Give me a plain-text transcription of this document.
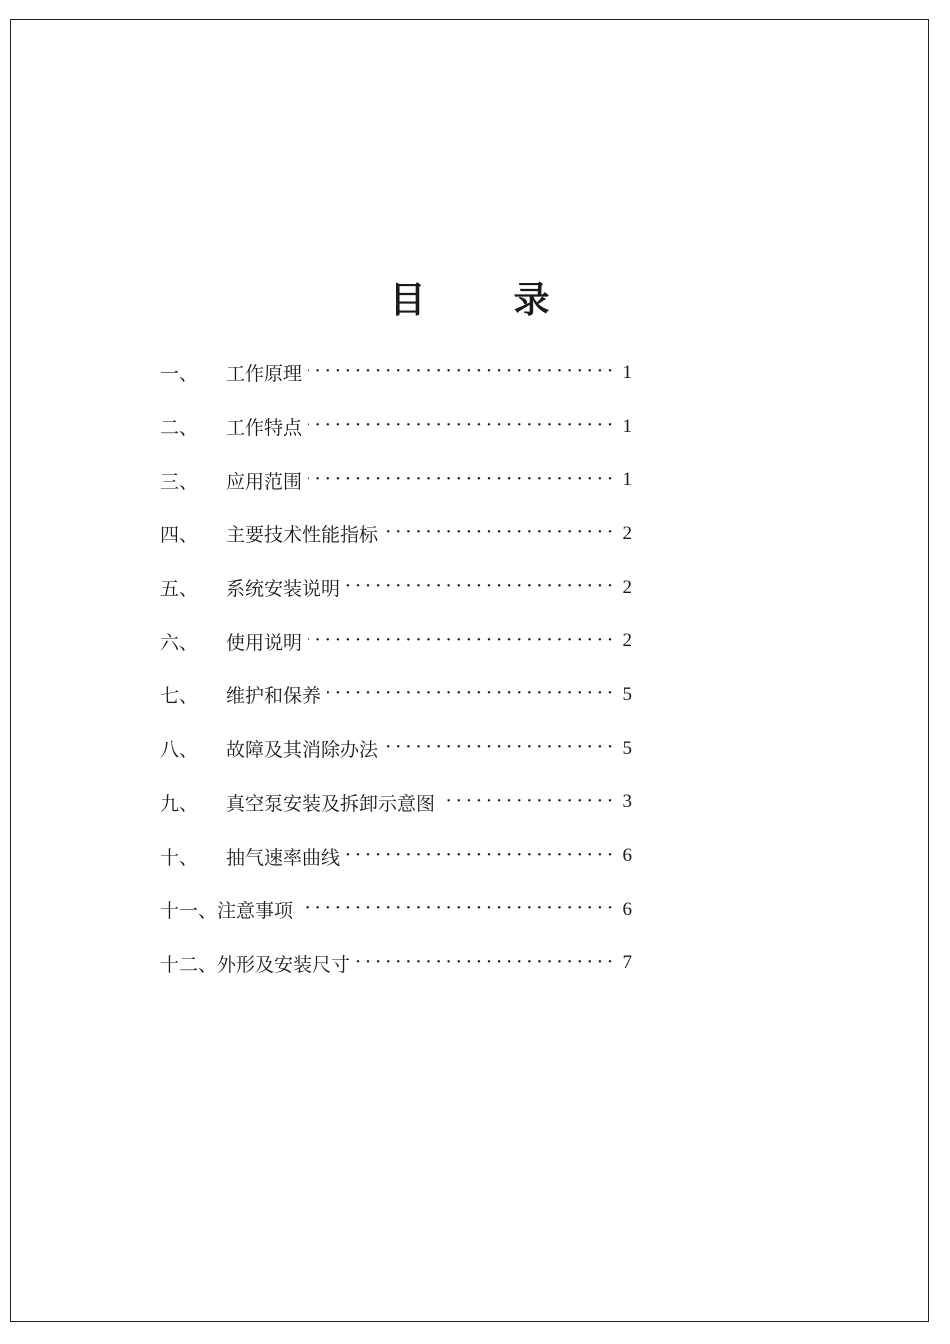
目 录
一、	工作原理 · · ·	1
二、	工作特点 · · ·	1
三、	应用范围 · · ·	1
四、	主要技术性能指标 · · ·	2
五、	系统安装说明 · · ·	2
六、	使用说明 · · ·	2
七、	维护和保养 · · ·	5
八、	故障及其消除办法 · · ·	5
九、	真空泵安装及拆卸示意图 · · ·	3
十、	抽气速率曲线 · · ·	6
十一、 注意事项 · · ·	6
十二、 外形及安装尺寸 · · ·	7
